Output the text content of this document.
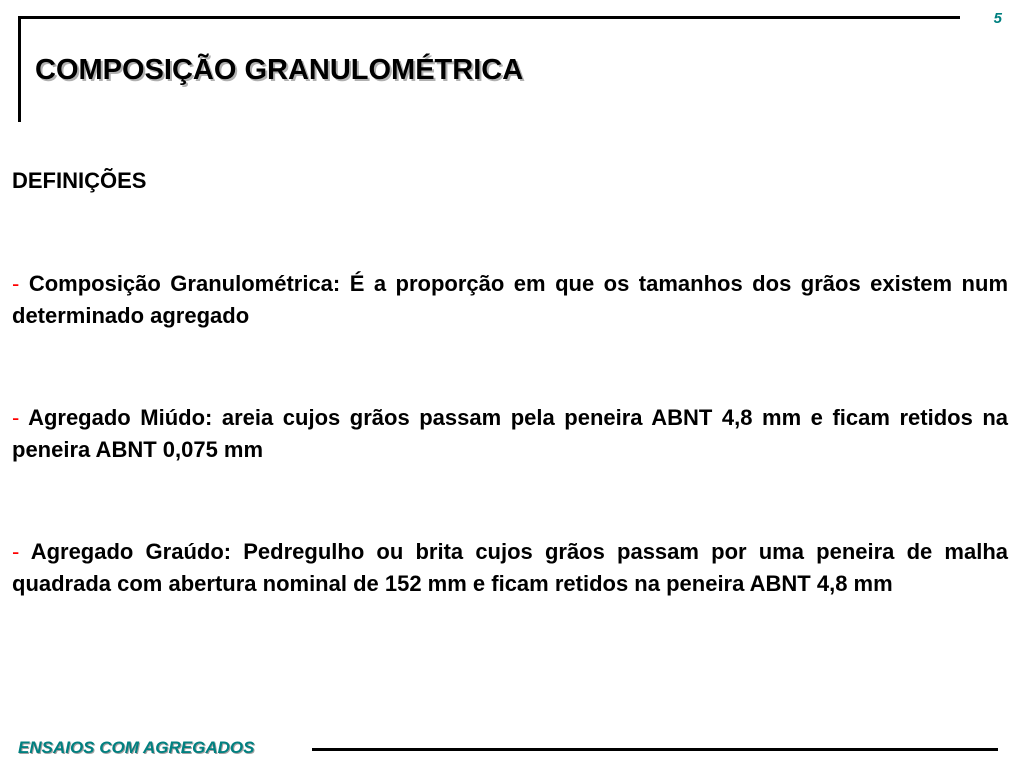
5
COMPOSIÇÃO GRANULOMÉTRICA
DEFINIÇÕES

- Composição Granulométrica: É a proporção em que os tamanhos dos grãos existem num determinado agregado

- Agregado Miúdo: areia cujos grãos passam pela peneira ABNT 4,8 mm e ficam retidos na peneira ABNT 0,075 mm

- Agregado Graúdo: Pedregulho ou brita cujos grãos passam por uma peneira de malha quadrada com abertura nominal de 152 mm e ficam retidos na peneira ABNT 4,8 mm

ENSAIOS COM AGREGADOS
